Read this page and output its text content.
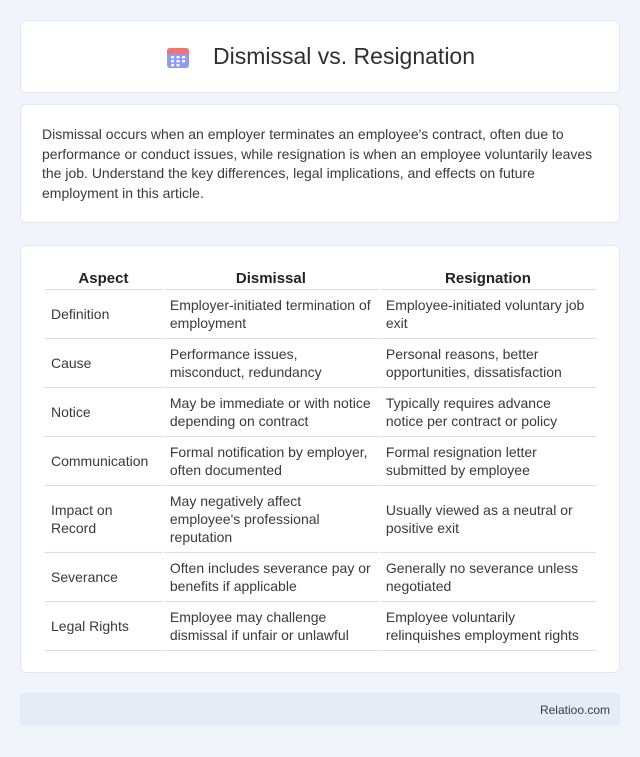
Dismissal vs. Resignation

Dismissal occurs when an employer terminates an employee's contract, often due to performance or conduct issues, while resignation is when an employee voluntarily leaves the job. Understand the key differences, legal implications, and effects on future employment in this article.

Aspect	Dismissal	Resignation
Definition	Employer-initiated termination of employment	Employee-initiated voluntary job exit
Cause	Performance issues, misconduct, redundancy	Personal reasons, better opportunities, dissatisfaction
Notice	May be immediate or with notice depending on contract	Typically requires advance notice per contract or policy
Communication	Formal notification by employer, often documented	Formal resignation letter submitted by employee
Impact on Record	May negatively affect employee's professional reputation	Usually viewed as a neutral or positive exit
Severance	Often includes severance pay or benefits if applicable	Generally no severance unless negotiated
Legal Rights	Employee may challenge dismissal if unfair or unlawful	Employee voluntarily relinquishes employment rights
Relatioo.com
